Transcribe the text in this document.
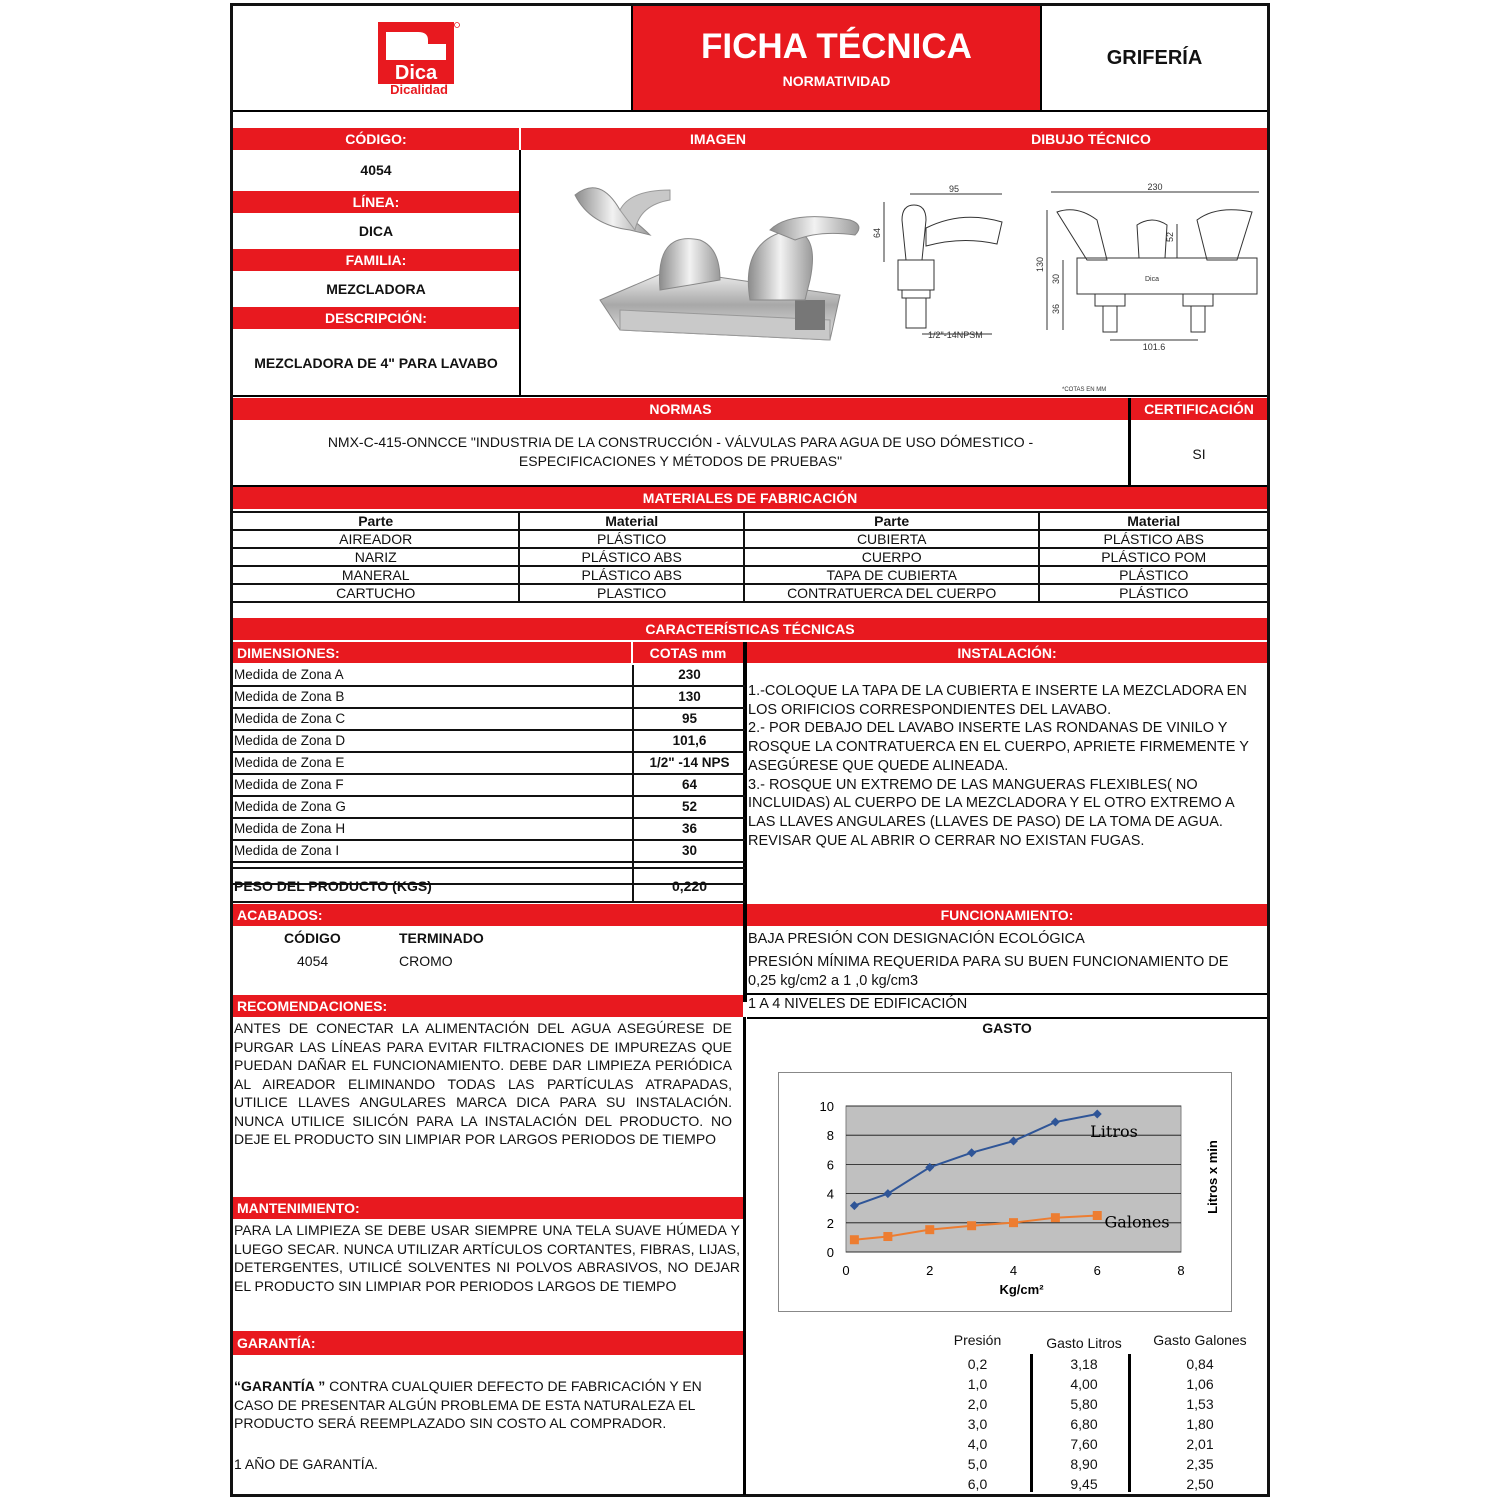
Dica
Dicalidad
FICHA TÉCNICA
NORMATIVIDAD
GRIFERÍA
CÓDIGO:	IMAGEN	DIBUJO TÉCNICO
4054
LÍNEA:
DICA
FAMILIA:
MEZCLADORA
DESCRIPCIÓN:
MEZCLADORA DE 4" PARA LAVABO
95
64
1/2"-14NPSM
230
Dica
130
30
36
52
101.6
*COTAS EN MM
NORMAS	CERTIFICACIÓN
NMX-C-415-ONNCCE "INDUSTRIA DE LA CONSTRUCCIÓN - VÁLVULAS PARA AGUA DE USO DÓMESTICO -
ESPECIFICACIONES Y MÉTODOS DE PRUEBAS"	SI
MATERIALES DE FABRICACIÓN
Parte	Material	Parte	Material
AIREADOR	PLÁSTICO	CUBIERTA	PLÁSTICO ABS
NARIZ	PLÁSTICO ABS	CUERPO	PLÁSTICO POM
MANERAL	PLÁSTICO ABS	TAPA DE CUBIERTA	PLÁSTICO
CARTUCHO	PLASTICO	CONTRATUERCA DEL CUERPO	PLÁSTICO
CARACTERÍSTICAS TÉCNICAS
DIMENSIONES:	COTAS mm	INSTALACIÓN:
Medida de Zona A	230
Medida de Zona B	130
Medida de Zona C	95
Medida de Zona D	101,6
Medida de Zona E	1/2" -14 NPS
Medida de Zona F	64
Medida de Zona G	52
Medida de Zona H	36
Medida de Zona I	30
PESO DEL PRODUCTO (KGS)	0,220
1.-COLOQUE LA TAPA DE LA CUBIERTA E INSERTE LA MEZCLADORA EN LOS ORIFICIOS CORRESPONDIENTES DEL LAVABO.
2.- POR DEBAJO DEL LAVABO INSERTE LAS RONDANAS DE VINILO Y ROSQUE LA CONTRATUERCA EN EL CUERPO, APRIETE FIRMEMENTE Y ASEGÚRESE QUE QUEDE ALINEADA.
3.- ROSQUE UN EXTREMO DE LAS MANGUERAS FLEXIBLES( NO INCLUIDAS) AL CUERPO DE LA MEZCLADORA Y EL OTRO EXTREMO A LAS LLAVES ANGULARES (LLAVES DE PASO) DE LA TOMA DE AGUA. REVISAR QUE AL ABRIR O CERRAR NO EXISTAN FUGAS.
ACABADOS:	FUNCIONAMIENTO:
CÓDIGO	TERMINADO
4054	CROMO
BAJA PRESIÓN CON DESIGNACIÓN ECOLÓGICA
PRESIÓN MÍNIMA REQUERIDA PARA SU BUEN FUNCIONAMIENTO DE 0,25 kg/cm2 a 1 ,0 kg/cm3
1 A 4 NIVELES DE EDIFICACIÓN
RECOMENDACIONES:
ANTES DE CONECTAR LA ALIMENTACIÓN DEL AGUA ASEGÚRESE DE PURGAR LAS LÍNEAS PARA EVITAR FILTRACIONES DE IMPUREZAS QUE PUEDAN DAÑAR EL FUNCIONAMIENTO. DEBE DAR LIMPIEZA PERIÓDICA AL AIREADOR ELIMINANDO TODAS LAS PARTÍCULAS ATRAPADAS, UTILICE LLAVES ANGULARES MARCA DICA PARA SU INSTALACIÓN. NUNCA UTILICE SILICÓN PARA LA INSTALACIÓN DEL PRODUCTO. NO DEJE EL PRODUCTO SIN LIMPIAR POR LARGOS PERIODOS DE TIEMPO
MANTENIMIENTO:
PARA LA LIMPIEZA SE DEBE USAR SIEMPRE UNA TELA SUAVE HÚMEDA Y LUEGO SECAR. NUNCA UTILIZAR ARTÍCULOS CORTANTES, FIBRAS, LIJAS, DETERGENTES, UTILICÉ SOLVENTES NI POLVOS ABRASIVOS, NO DEJAR EL PRODUCTO SIN LIMPIAR POR PERIODOS LARGOS DE TIEMPO
GARANTÍA:
“GARANTÍA ” CONTRA CUALQUIER DEFECTO DE FABRICACIÓN Y EN CASO DE PRESENTAR ALGÚN PROBLEMA DE ESTA NATURALEZA EL PRODUCTO SERÁ REEMPLAZADO SIN COSTO AL COMPRADOR.
1 AÑO DE GARANTÍA.
GASTO
0
2
4
6
8
10
0	2	4	6	8
Kg/cm²
Litros x min
Litros
Galones
Presión	Gasto Litros	Gasto Galones
0,2	3,18	0,84
1,0	4,00	1,06
2,0	5,80	1,53
3,0	6,80	1,80
4,0	7,60	2,01
5,0	8,90	2,35
6,0	9,45	2,50
